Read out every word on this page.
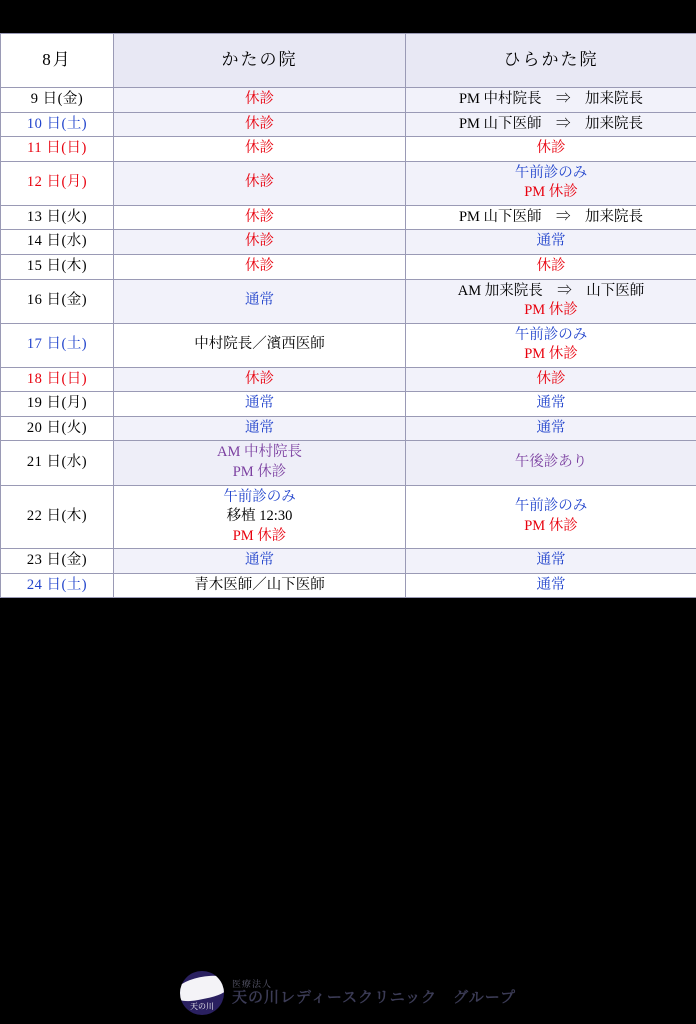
8月	かたの院	ひらかた院
9 日(金)	休診	PM 中村院長　⇒　加来院長

10 日(土)	休診	PM 山下医師　⇒　加来院長

11 日(日)	休診	休診

12 日(月)	休診	午前診のみ
PM 休診

13 日(火)	休診	PM 山下医師　⇒　加来院長

14 日(水)	休診	通常

15 日(木)	休診	休診

16 日(金)	通常	AM 加来院長　⇒　山下医師
PM 休診

17 日(土)	中村院長／濱西医師	午前診のみ
PM 休診

18 日(日)	休診	休診

19 日(月)	通常	通常

20 日(火)	通常	通常

21 日(水)	AM 中村院長
PM 休診	午後診あり

22 日(木)	午前診のみ
移植 12:30
PM 休診	午前診のみ
PM 休診

23 日(金)	通常	通常

24 日(土)	青木医師／山下医師	通常
天の川
医療法人
天の川レディースクリニック　グループ
